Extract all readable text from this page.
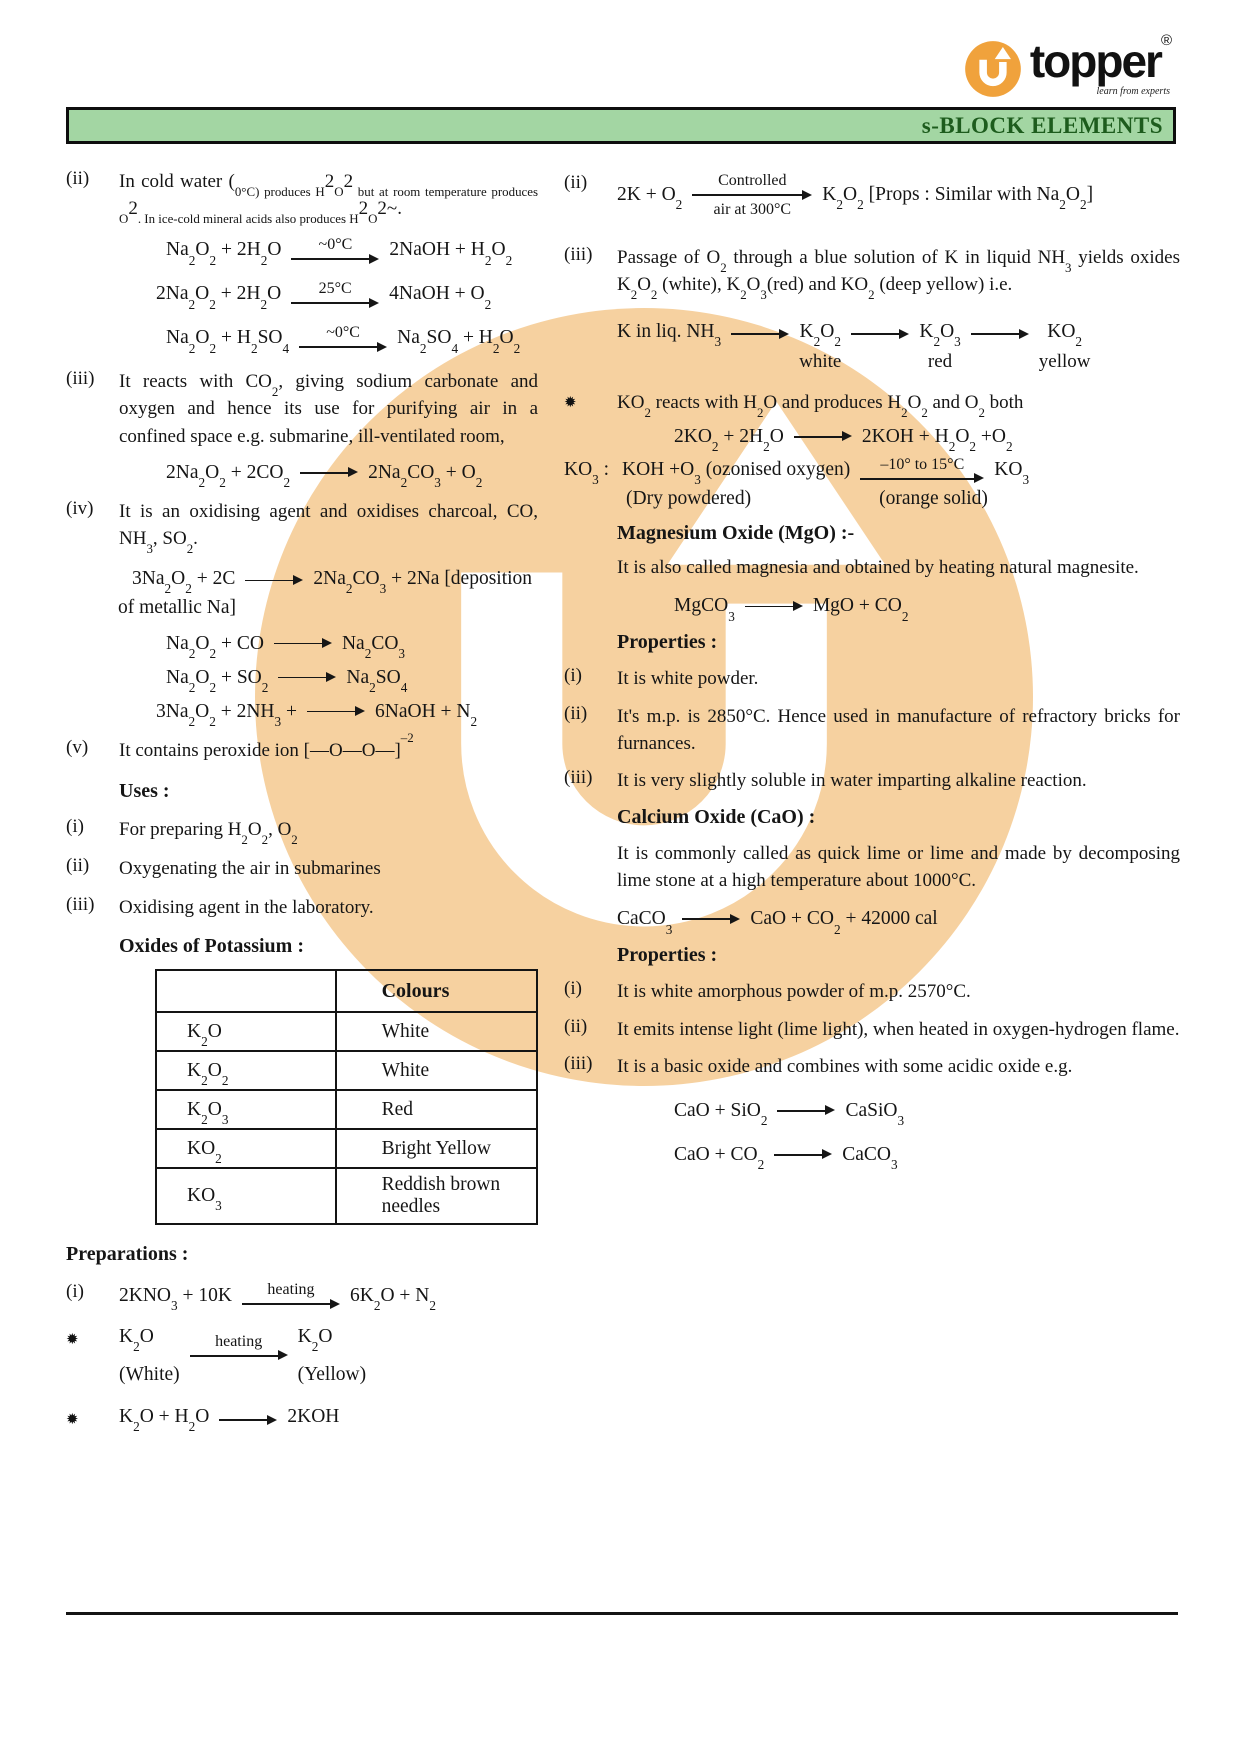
topper®
learn from experts
s-BLOCK ELEMENTS
(ii)	In cold water ($_{0^\circ C) produces H}2_O2$ $_{but at room temperature produces O}2_{. In ice-cold mineral acids also produces H}2_O2\sim$.
$Na_2O_2 + 2H_2O$ ~0°C 2NaOH + $H_2O_2$
$2Na_2O_2 + 2H_2O$ 25°C 4NaOH + $O_2$
$Na_2O_2 + H_2SO_4$
~0°C $Na_2SO_4 + H_2O_2$
(iii)	It reacts with $CO_2$, giving sodium carbonate and oxygen and hence its use for purifying air in a confined space e.g. submarine, ill-ventilated room,
$2Na_2O_2 + 2CO_2$	$2Na_2CO_3 + O_2$
(iv)	It is an oxidising agent and oxidises charcoal, CO, $NH_3$, $SO_2$.
$3Na_2O_2 + 2C$	$2Na_2CO_3 + 2Na$ [deposition of metallic Na]
$Na_2O_2$ + CO	$Na_2CO_3$
$Na_2O_2 + SO_2$	$Na_2SO_4$
$3Na_2O_2 + 2NH_3$ +	6NaOH + $N_2$
(v)	It contains peroxide ion [—O—O—]$^{-2}$
Uses :
(i)	For preparing $H_2O_2$, $O_2$
(ii)	Oxygenating the air in submarines
(iii)	Oxidising agent in the laboratory.
Oxides of Potassium :
	Colours
$K_2O$	White
$K_2O_2$	White
$K_2O_3$	Red
$KO_2$	Bright Yellow
$KO_3$	Reddish brown needles
Preparations :
(i)	$2KNO_3 + 10K$ heating $6K_2O + N_2$
✹	$K_2O$
(White)
heating $K_2O$
(Yellow)
✹	$K_2O + H_2O$	2KOH
(ii)
$2K + O_2$
Controlled
air at 300°C
$K_2O_2$ [Props : Similar with $Na_2O_2$]
(iii)	Passage of $O_2$ through a blue solution of K in liquid $NH_3$ yields oxides $K_2O_2$ (white), $K_2O_3(red)$ and $KO_2$ (deep yellow) i.e.
K in liq. $NH_3$	$K_2O_2$
white
$K_2O_3$
red
$KO_2$
yellow
✹	$KO_2$ reacts with $H_2O$ and produces $H_2O_2$ and $O_2$ both
$2KO_2 + 2H_2O$	$2KOH + H_2O_2 +O_2$
$KO_3$ : KOH $+O_3$ (ozonised oxygen) –10° to 15°C $KO_3$
(Dry powdered)	(orange solid)
Magnesium Oxide (MgO) :-
It is also called magnesia and obtained by heating natural magnesite.
MgCO$_3$	MgO + $CO_2$
Properties :
(i)	It is white powder.
(ii)	It's m.p. is 2850°C. Hence used in manufacture of refractory bricks for furnances.
(iii)	It is very slightly soluble in water imparting alkaline reaction.
Calcium Oxide (CaO) :
It is commonly called as quick lime or lime and made by decomposing lime stone at a high temperature about 1000°C.
CaCO$_3$	CaO + $CO_2 + 42000$ cal
Properties :
(i)	It is white amorphous powder of m.p. 2570°C.
(ii)	It emits intense light (lime light), when heated in oxygen-hydrogen flame.
(iii)	It is a basic oxide and combines with some acidic oxide e.g.
CaO + SiO$_2$	CaSiO$_3$
CaO + $CO_2$	CaCO$_3$
